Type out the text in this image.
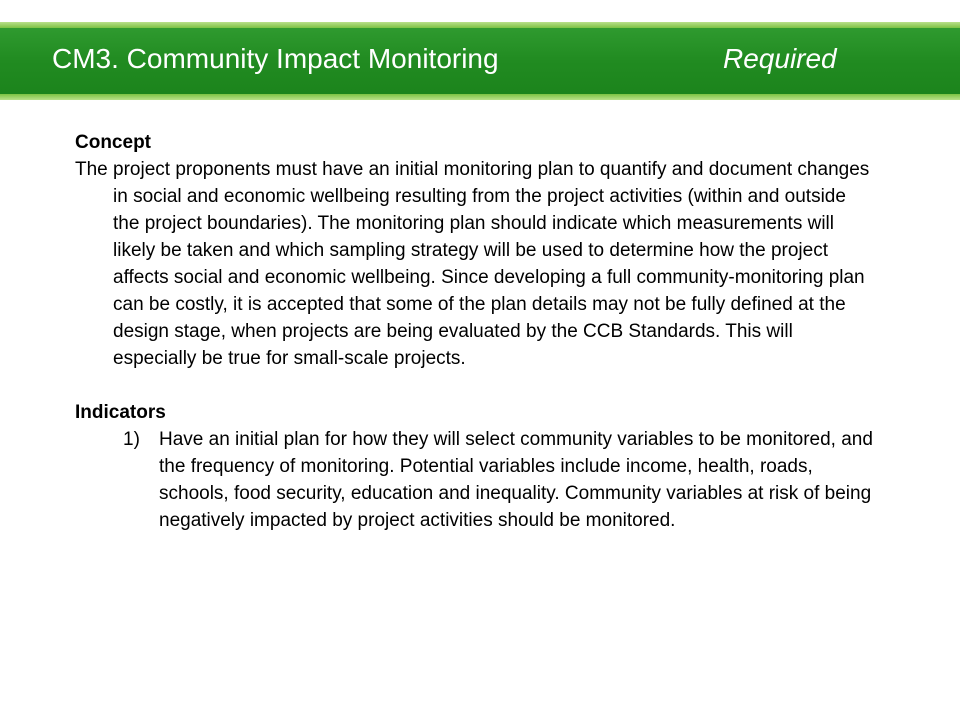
CM3. Community Impact Monitoring	Required

Concept

The project proponents must have an initial monitoring plan to quantify and document changes in social and economic wellbeing resulting from the project activities (within and outside the project boundaries). The monitoring plan should indicate which measurements will likely be taken and which sampling strategy will be used to determine how the project affects social and economic wellbeing. Since developing a full community-monitoring plan can be costly, it is accepted that some of the plan details may not be fully defined at the design stage, when projects are being evaluated by the CCB Standards. This will especially be true for small-scale projects.

Indicators

1) Have an initial plan for how they will select community variables to be monitored, and the frequency of monitoring. Potential variables include income, health, roads, schools, food security, education and inequality. Community variables at risk of being negatively impacted by project activities should be monitored.
